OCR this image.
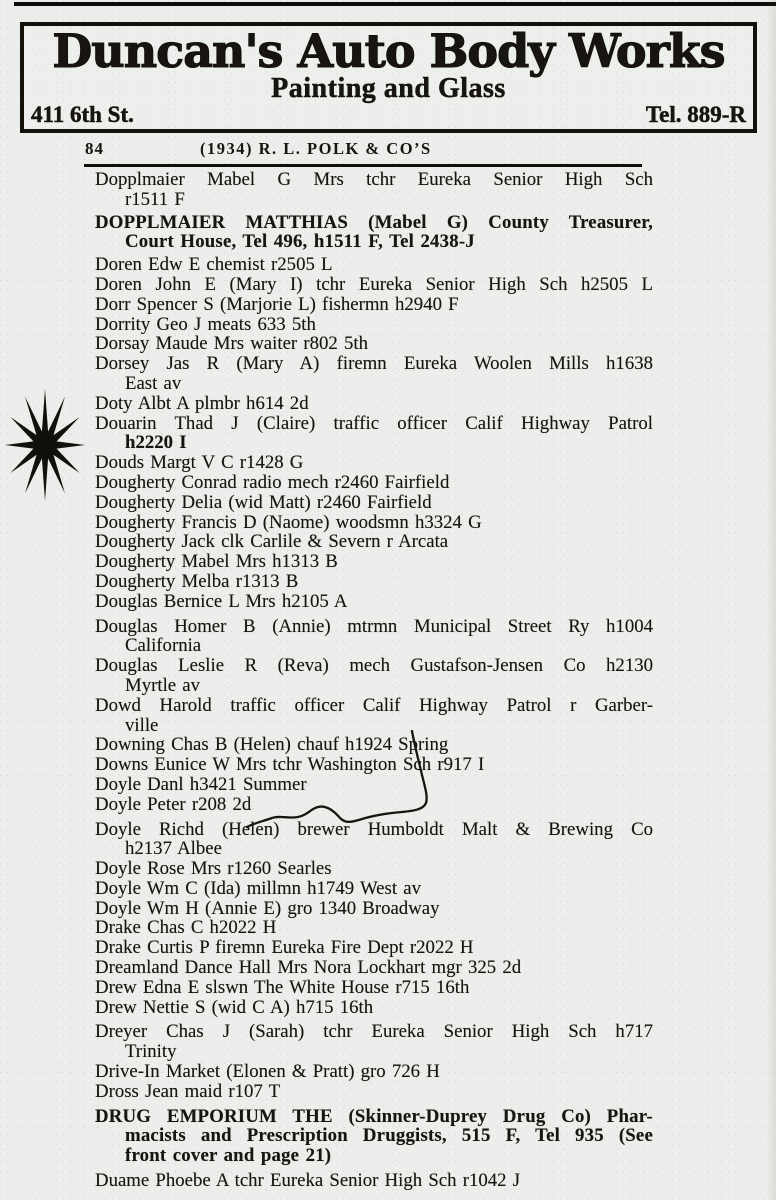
Duncan's Auto Body Works
Painting and Glass
411 6th St.	Tel. 889-R
84	(1934) R. L. POLK & CO’S
Dopplmaier Mabel G Mrs tchr Eureka Senior High Sch
r1511 F
DOPPLMAIER MATTHIAS (Mabel G) County Treasurer,
Court House, Tel 496, h1511 F, Tel 2438-J
Doren Edw E chemist r2505 L
Doren John E (Mary I) tchr Eureka Senior High Sch h2505 L
Dorr Spencer S (Marjorie L) fishermn h2940 F
Dorrity Geo J meats 633 5th
Dorsay Maude Mrs waiter r802 5th
Dorsey Jas R (Mary A) firemn Eureka Woolen Mills h1638
East av
Doty Albt A plmbr h614 2d
Douarin Thad J (Claire) traffic officer Calif Highway Patrol
h2220 I
Douds Margt V C r1428 G
Dougherty Conrad radio mech r2460 Fairfield
Dougherty Delia (wid Matt) r2460 Fairfield
Dougherty Francis D (Naome) woodsmn h3324 G
Dougherty Jack clk Carlile & Severn r Arcata
Dougherty Mabel Mrs h1313 B
Dougherty Melba r1313 B
Douglas Bernice L Mrs h2105 A
Douglas Homer B (Annie) mtrmn Municipal Street Ry h1004
California
Douglas Leslie R (Reva) mech Gustafson-Jensen Co h2130
Myrtle av
Dowd Harold traffic officer Calif Highway Patrol r Garber-
ville
Downing Chas B (Helen) chauf h1924 Spring
Downs Eunice W Mrs tchr Washington Sch r917 I
Doyle Danl h3421 Summer
Doyle Peter r208 2d
Doyle Richd (Helen) brewer Humboldt Malt & Brewing Co
h2137 Albee
Doyle Rose Mrs r1260 Searles
Doyle Wm C (Ida) millmn h1749 West av
Doyle Wm H (Annie E) gro 1340 Broadway
Drake Chas C h2022 H
Drake Curtis P firemn Eureka Fire Dept r2022 H
Dreamland Dance Hall Mrs Nora Lockhart mgr 325 2d
Drew Edna E slswn The White House r715 16th
Drew Nettie S (wid C A) h715 16th
Dreyer Chas J (Sarah) tchr Eureka Senior High Sch h717
Trinity
Drive-In Market (Elonen & Pratt) gro 726 H
Dross Jean maid r107 T
DRUG EMPORIUM THE (Skinner-Duprey Drug Co) Phar-
macists and Prescription Druggists, 515 F, Tel 935 (See
front cover and page 21)
Duame Phoebe A tchr Eureka Senior High Sch r1042 J
